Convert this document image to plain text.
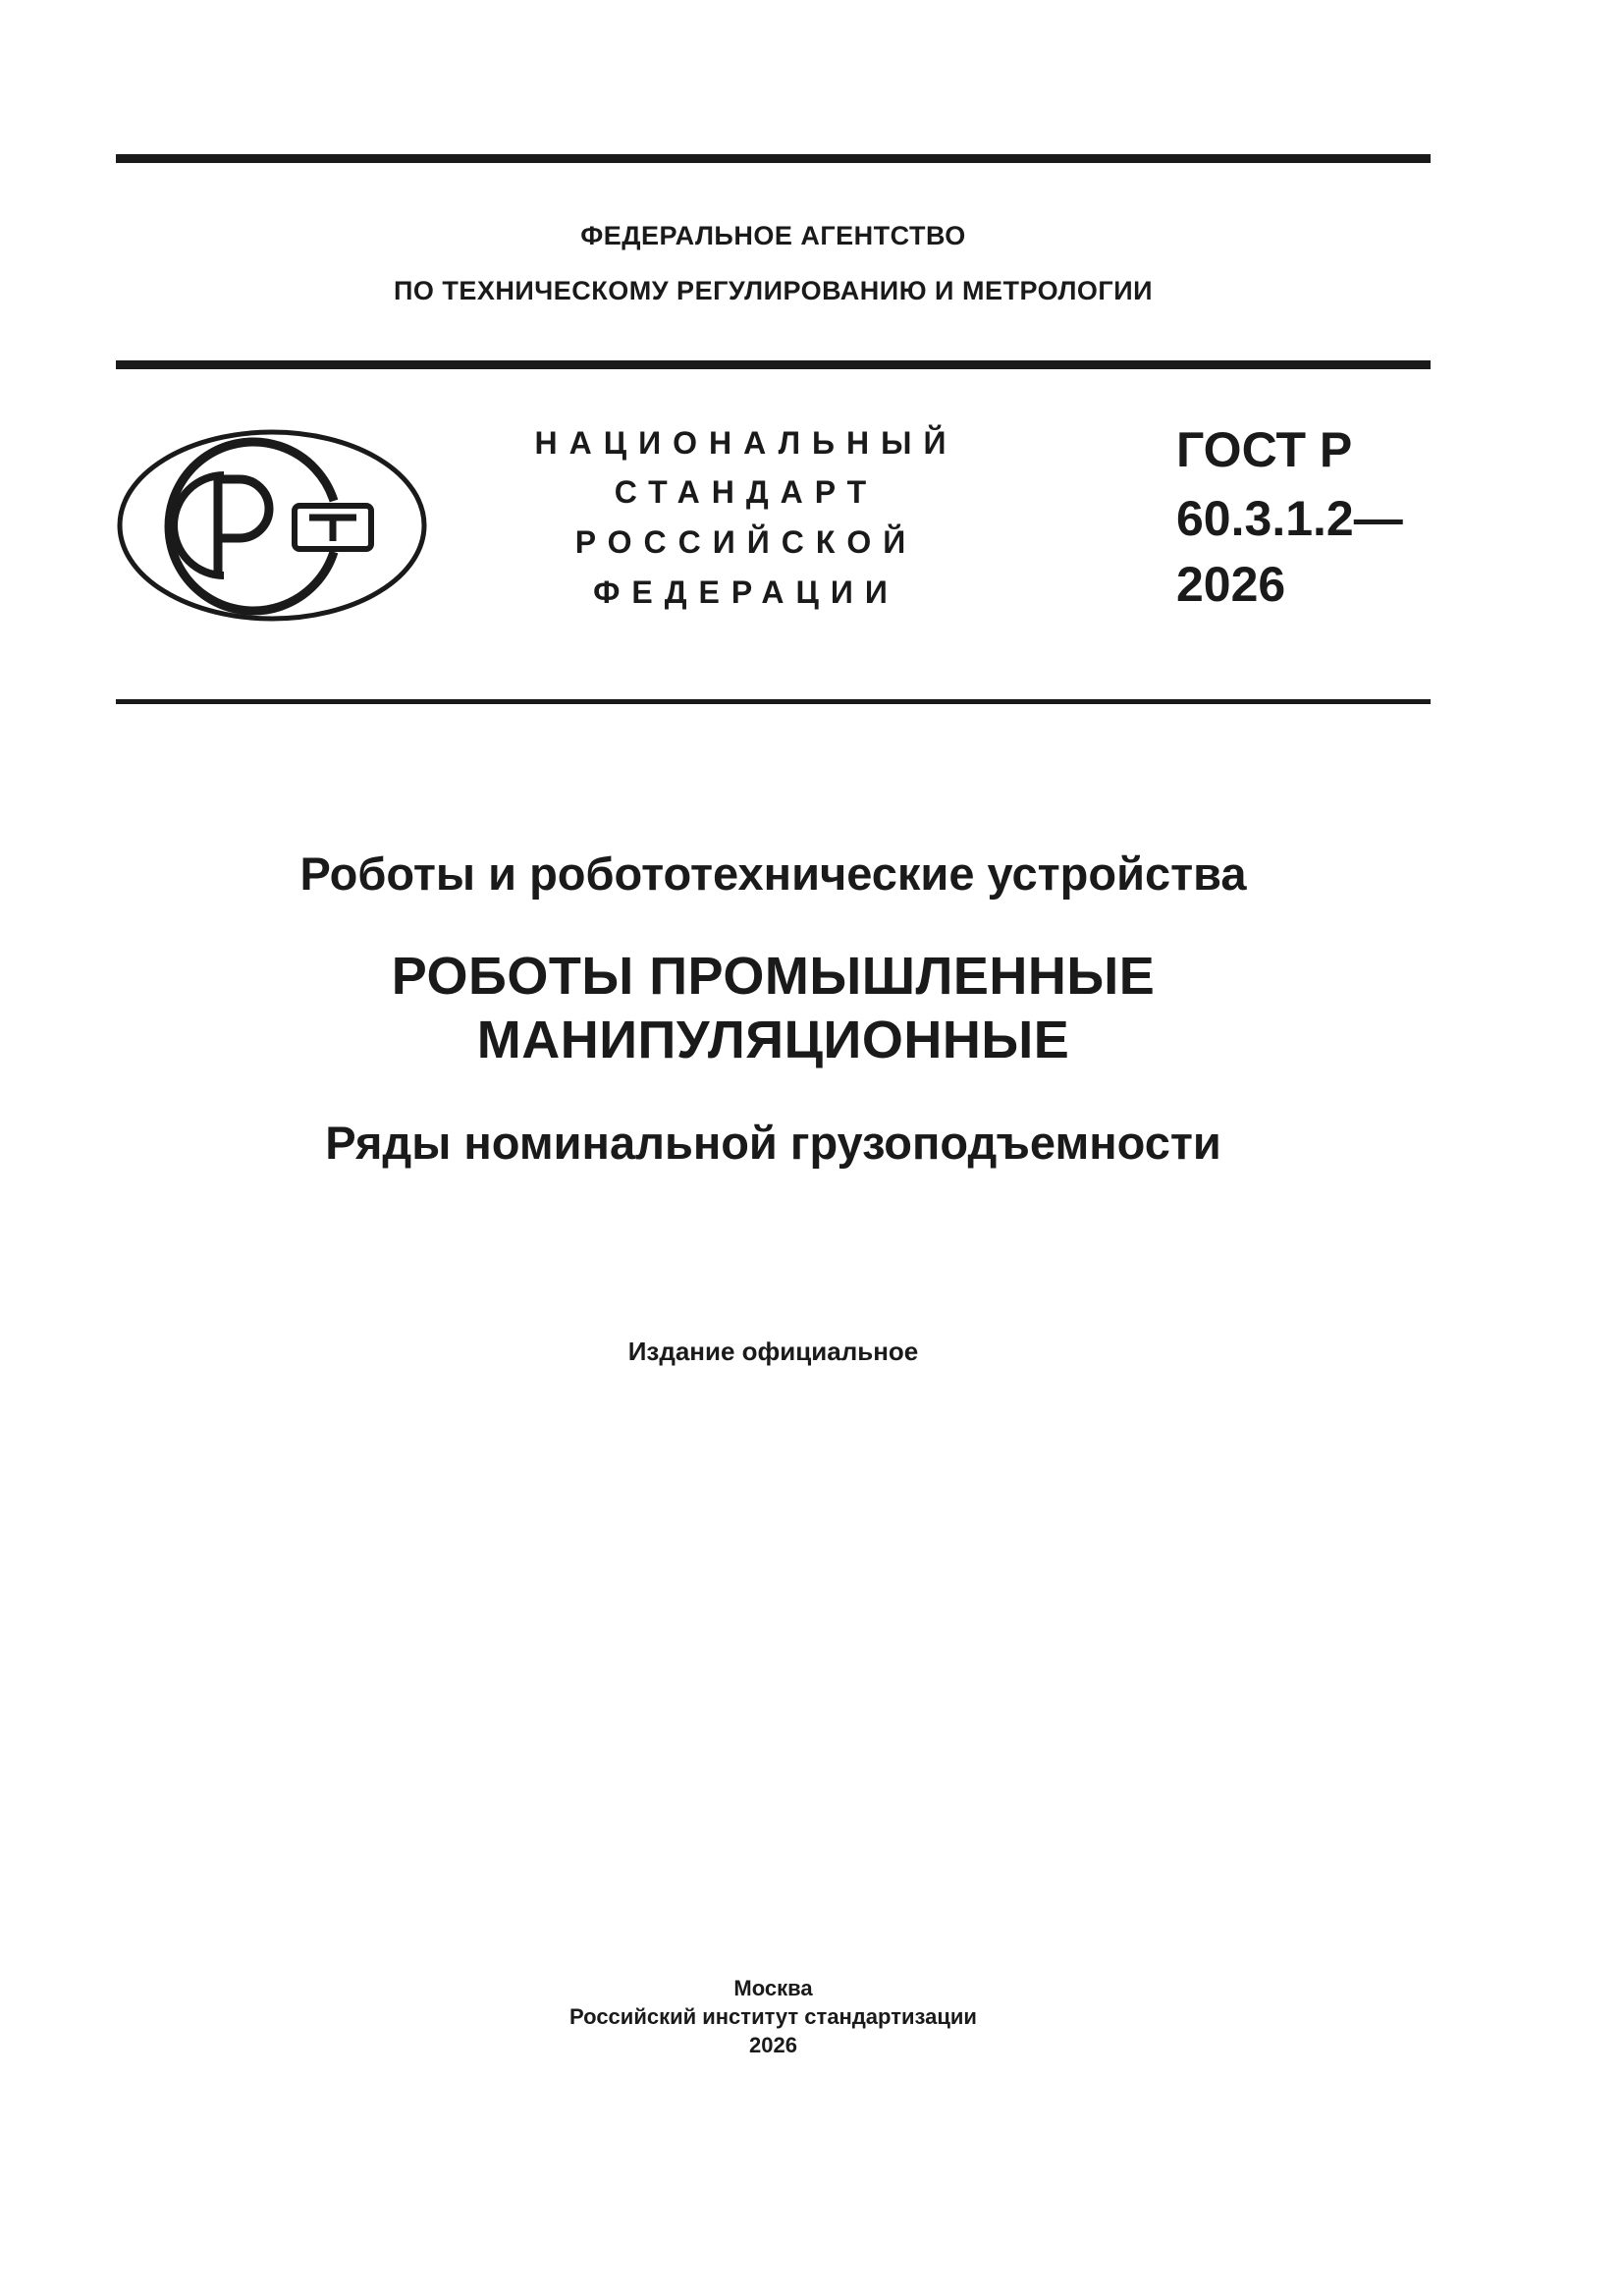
ФЕДЕРАЛЬНОЕ АГЕНТСТВО
ПО ТЕХНИЧЕСКОМУ РЕГУЛИРОВАНИЮ И МЕТРОЛОГИИ
НАЦИОНАЛЬНЫЙ
СТАНДАРТ
РОССИЙСКОЙ
ФЕДЕРАЦИИ
ГОСТ Р
60.3.1.2—
2026
Роботы и робототехнические устройства
РОБОТЫ ПРОМЫШЛЕННЫЕ
МАНИПУЛЯЦИОННЫЕ
Ряды номинальной грузоподъемности
Издание официальное
Москва
Российский институт стандартизации
2026
